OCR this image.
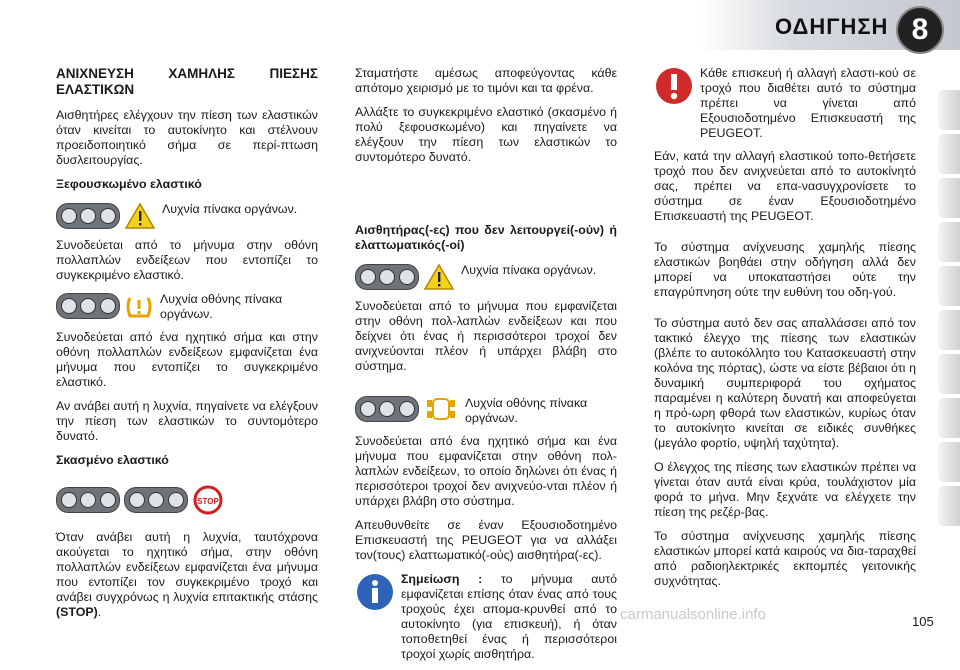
ΟΔΗΓΗΣΗ 8
ΑΝΙΧΝΕΥΣΗ ΧΑΜΗΛΗΣ ΠΙΕΣΗΣ ΕΛΑΣΤΙΚΩΝ

Αισθητήρες ελέγχουν την πίεση των ελαστικών όταν κινείται το αυτοκίνητο και στέλνουν προειδοποιητικό σήμα σε περί-πτωση δυσλειτουργίας.

Ξεφουσκωμένο ελαστικό
Λυχνία πίνακα οργάνων.

Συνοδεύεται από το μήνυμα στην οθόνη πολλαπλών ενδείξεων που εντοπίζει το συγκεκριμένο ελαστικό.

Λυχνία οθόνης πίνακα οργάνων.

Συνοδεύεται από ένα ηχητικό σήμα και στην οθόνη πολλαπλών ενδείξεων εμφανίζεται ένα μήνυμα που εντοπίζει το συγκεκριμένο ελαστικό.

Αν ανάβει αυτή η λυχνία, πηγαίνετε να ελέγξουν την πίεση των ελαστικών το συντομότερο δυνατό.

Σκασμένο ελαστικό
STOP

Όταν ανάβει αυτή η λυχνία, ταυτόχρονα ακούγεται το ηχητικό σήμα, στην οθόνη πολλαπλών ενδείξεων εμφανίζεται ένα μήνυμα που εντοπίζει τον συγκεκριμένο τροχό και ανάβει συγχρόνως η λυχνία επιτακτικής στάσης (STOP).

Σταματήστε αμέσως αποφεύγοντας κάθε απότομο χειρισμό με το τιμόνι και τα φρένα.

Αλλάξτε το συγκεκριμένο ελαστικό (σκασμένο ή πολύ ξεφουσκωμένο) και πηγαίνετε να ελέγξουν την πίεση των ελαστικών το συντομότερο δυνατό.

Αισθητήρας(-ες) που δεν λειτουργεί(-ούν) ή ελαττωματικός(-οί)
Λυχνία πίνακα οργάνων.

Συνοδεύεται από το μήνυμα που εμφανίζεται στην οθόνη πολ-λαπλών ενδείξεων και που δείχνει ότι ένας ή περισσότεροι τροχοί δεν ανιχνεύονται πλέον ή υπάρχει βλάβη στο σύστημα.

Λυχνία οθόνης πίνακα οργάνων.

Συνοδεύεται από ένα ηχητικό σήμα και ένα μήνυμα που εμφανίζεται στην οθόνη πολ-λαπλών ενδείξεων, το οποίο δηλώνει ότι ένας ή περισσότεροι τροχοί δεν ανιχνεύο-νται πλέον ή υπάρχει βλάβη στο σύστημα.

Απευθυνθείτε σε έναν Εξουσιοδοτημένο Επισκευαστή της PEUGEOT για να αλλάξει τον(τους) ελαττωματικό(-ούς) αισθητήρα(-ες).

Σημείωση : το μήνυμα αυτό εμφανίζεται επίσης όταν ένας από τους τροχούς έχει απομα-κρυνθεί από το αυτοκίνητο (για επισκευή), ή όταν τοποθετηθεί ένας ή περισσότεροι τροχοί χωρίς αισθητήρα.
Κάθε επισκευή ή αλλαγή ελαστι-κού σε τροχό που διαθέτει αυτό το σύστημα πρέπει να γίνεται από Εξουσιοδοτημένο Επισκευαστή της PEUGEOT.

Εάν, κατά την αλλαγή ελαστικού τοπο-θετήσετε τροχό που δεν ανιχνεύεται από το αυτοκίνητό σας, πρέπει να επα-νασυγχρονίσετε το σύστημα σε έναν Εξουσιοδοτημένο Επισκευαστή της PEUGEOT.

Το σύστημα ανίχνευσης χαμηλής πίεσης ελαστικών βοηθάει στην οδήγηση αλλά δεν μπορεί να υποκαταστήσει ούτε την επαγρύπνηση ούτε την ευθύνη του οδη-γού.

Το σύστημα αυτό δεν σας απαλλάσσει από τον τακτικό έλεγχο της πίεσης των ελαστικών (βλέπε το αυτοκόλλητο του Κατασκευαστή στην κολόνα της πόρτας), ώστε να είστε βέβαιοι ότι η δυναμική συμπεριφορά του οχήματος παραμένει η καλύτερη δυνατή και αποφεύγεται η πρό-ωρη φθορά των ελαστικών, κυρίως όταν το αυτοκίνητο κινείται σε ειδικές συνθήκες (μεγάλο φορτίο, υψηλή ταχύτητα).

Ο έλεγχος της πίεσης των ελαστικών πρέπει να γίνεται όταν αυτά είναι κρύα, τουλάχιστον μία φορά το μήνα. Μην ξεχνάτε να ελέγχετε την πίεση της ρεζέρ-βας.

Το σύστημα ανίχνευσης χαμηλής πίεσης ελαστικών μπορεί κατά καιρούς να δια-ταραχθεί από ραδιοηλεκτρικές εκπομπές γειτονικής συχνότητας.

carmanualsonline.info	105
